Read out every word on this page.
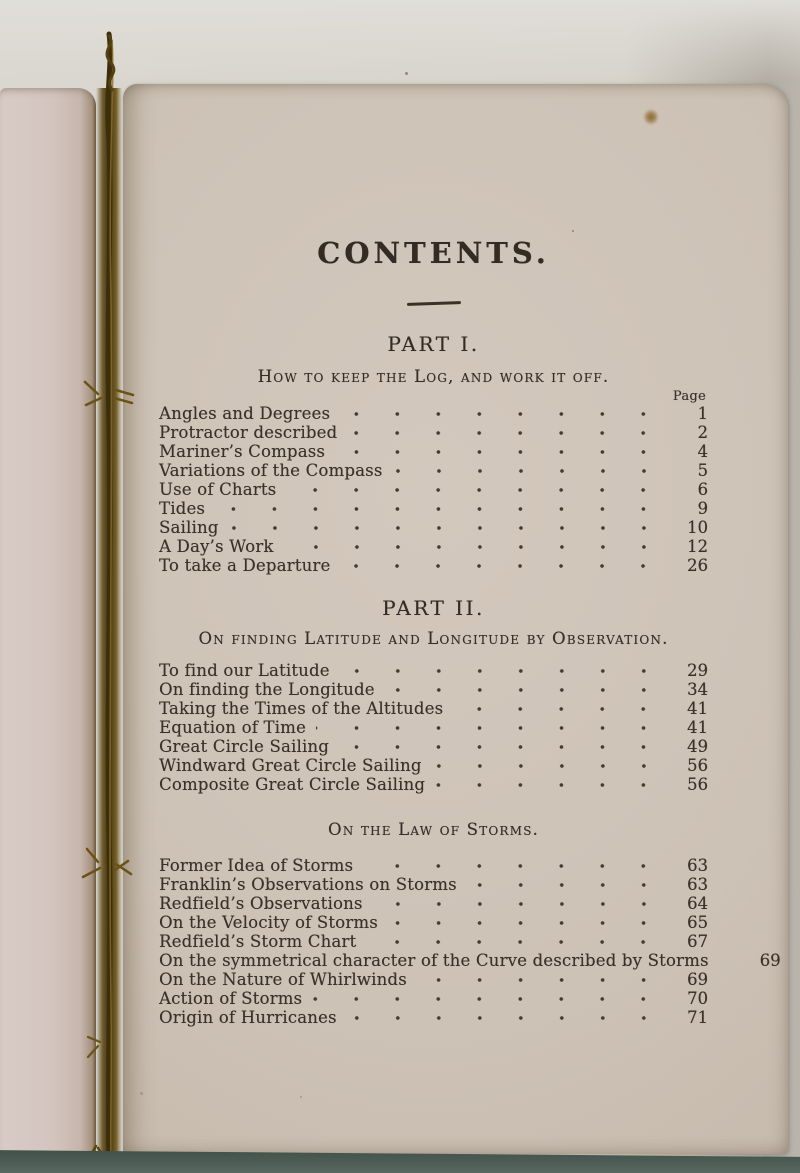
CONTENTS.
PART I.
How to keep the Log, and work it off.
Page
Angles and Degrees	1
Protractor described	2
Mariner’s Compass	4
Variations of the Compass	5
Use of Charts	6
Tides	9
Sailing	10
A Day’s Work	12
To take a Departure	26
PART II.
On finding Latitude and Longitude by Observation.
To find our Latitude	29
On finding the Longitude	34
Taking the Times of the Altitudes	41
Equation of Time	41
Great Circle Sailing	49
Windward Great Circle Sailing	56
Composite Great Circle Sailing	56
On the Law of Storms.
Former Idea of Storms	63
Franklin’s Observations on Storms	63
Redfield’s Observations	64
On the Velocity of Storms	65
Redfield’s Storm Chart	67
On the symmetrical character of the Curve described by Storms	69
On the Nature of Whirlwinds	69
Action of Storms	70
Origin of Hurricanes	71
